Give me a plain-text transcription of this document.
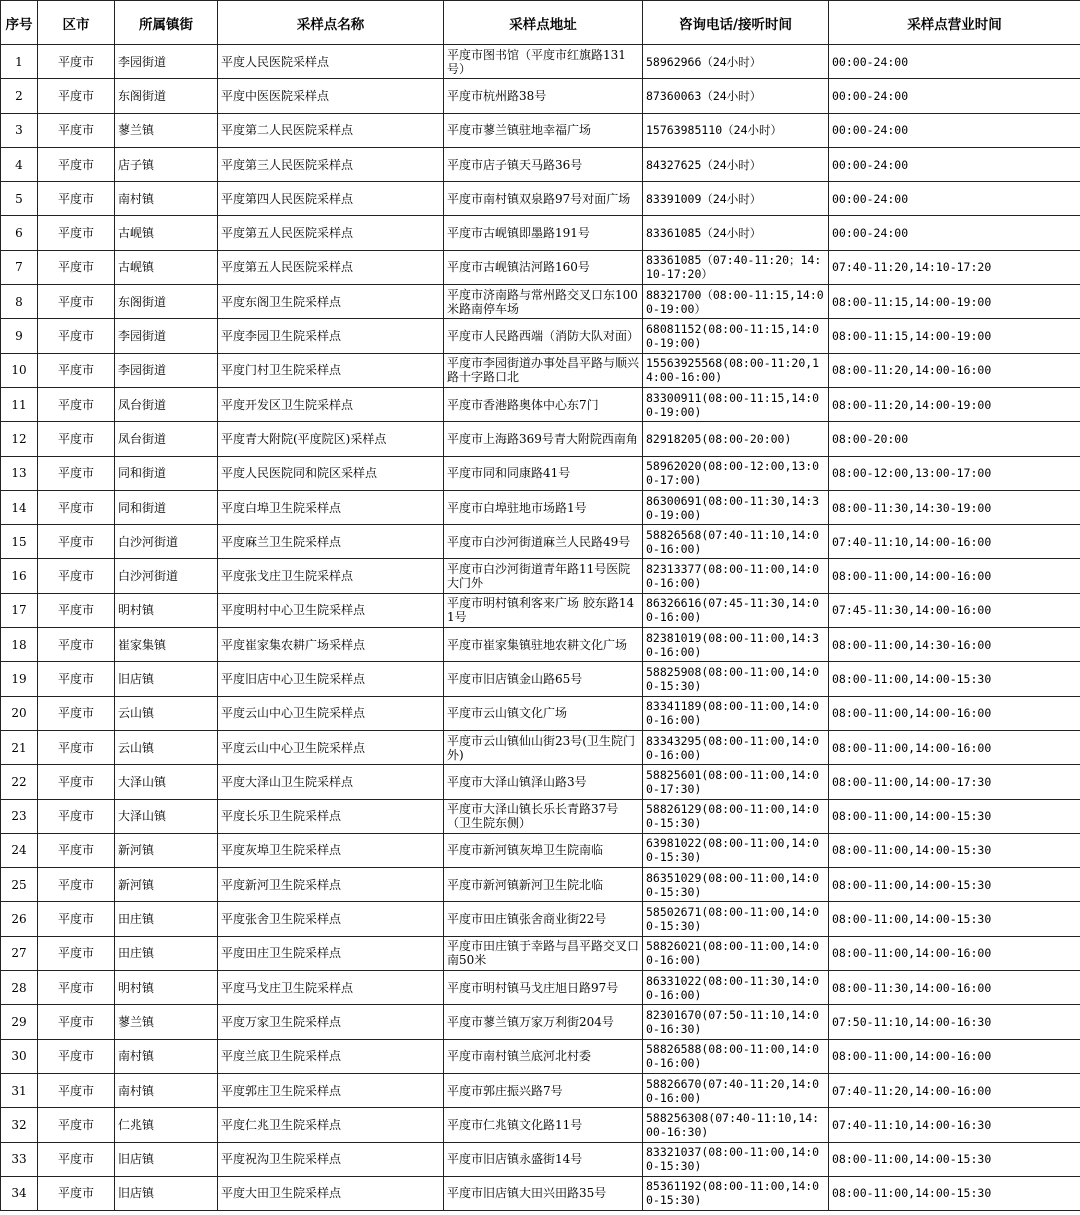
序号	区市	所属镇街	采样点名称	采样点地址	咨询电话/接听时间	采样点营业时间
1	平度市	李园街道	平度人民医院采样点	平度市图书馆（平度市红旗路131号）	58962966（24小时）	00:00-24:00
2	平度市	东阁街道	平度中医医院采样点	平度市杭州路38号	87360063（24小时）	00:00-24:00
3	平度市	蓼兰镇	平度第二人民医院采样点	平度市蓼兰镇驻地幸福广场	15763985110（24小时）	00:00-24:00
4	平度市	店子镇	平度第三人民医院采样点	平度市店子镇天马路36号	84327625（24小时）	00:00-24:00
5	平度市	南村镇	平度第四人民医院采样点	平度市南村镇双泉路97号对面广场	83391009（24小时）	00:00-24:00
6	平度市	古岘镇	平度第五人民医院采样点	平度市古岘镇即墨路191号	83361085（24小时）	00:00-24:00
7	平度市	古岘镇	平度第五人民医院采样点	平度市古岘镇沽河路160号	83361085（07:40-11:20；14:10-17:20）	07:40-11:20,14:10-17:20
8	平度市	东阁街道	平度东阁卫生院采样点	平度市济南路与常州路交叉口东100米路南停车场	88321700（08:00-11:15,14:00-19:00）	08:00-11:15,14:00-19:00
9	平度市	李园街道	平度李园卫生院采样点	平度市人民路西端（消防大队对面）	68081152(08:00-11:15,14:00-19:00)	08:00-11:15,14:00-19:00
10	平度市	李园街道	平度门村卫生院采样点	平度市李园街道办事处昌平路与顺兴路十字路口北	15563925568(08:00-11:20,14:00-16:00)	08:00-11:20,14:00-16:00
11	平度市	凤台街道	平度开发区卫生院采样点	平度市香港路奥体中心东7门	83300911(08:00-11:15,14:00-19:00)	08:00-11:20,14:00-19:00
12	平度市	凤台街道	平度青大附院(平度院区)采样点	平度市上海路369号青大附院西南角	82918205(08:00-20:00)	08:00-20:00
13	平度市	同和街道	平度人民医院同和院区采样点	平度市同和同康路41号	58962020(08:00-12:00,13:00-17:00)	08:00-12:00,13:00-17:00
14	平度市	同和街道	平度白埠卫生院采样点	平度市白埠驻地市场路1号	86300691(08:00-11:30,14:30-19:00)	08:00-11:30,14:30-19:00
15	平度市	白沙河街道	平度麻兰卫生院采样点	平度市白沙河街道麻兰人民路49号	58826568(07:40-11:10,14:00-16:00)	07:40-11:10,14:00-16:00
16	平度市	白沙河街道	平度张戈庄卫生院采样点	平度市白沙河街道青年路11号医院大门外	82313377(08:00-11:00,14:00-16:00)	08:00-11:00,14:00-16:00
17	平度市	明村镇	平度明村中心卫生院采样点	平度市明村镇利客来广场 胶东路141号	86326616(07:45-11:30,14:00-16:00)	07:45-11:30,14:00-16:00
18	平度市	崔家集镇	平度崔家集农耕广场采样点	平度市崔家集镇驻地农耕文化广场	82381019(08:00-11:00,14:30-16:00)	08:00-11:00,14:30-16:00
19	平度市	旧店镇	平度旧店中心卫生院采样点	平度市旧店镇金山路65号	58825908(08:00-11:00,14:00-15:30)	08:00-11:00,14:00-15:30
20	平度市	云山镇	平度云山中心卫生院采样点	平度市云山镇文化广场	83341189(08:00-11:00,14:00-16:00)	08:00-11:00,14:00-16:00
21	平度市	云山镇	平度云山中心卫生院采样点	平度市云山镇仙山街23号(卫生院门外)	83343295(08:00-11:00,14:00-16:00)	08:00-11:00,14:00-16:00
22	平度市	大泽山镇	平度大泽山卫生院采样点	平度市大泽山镇泽山路3号	58825601(08:00-11:00,14:00-17:30)	08:00-11:00,14:00-17:30
23	平度市	大泽山镇	平度长乐卫生院采样点	平度市大泽山镇长乐长青路37号（卫生院东侧）	58826129(08:00-11:00,14:00-15:30)	08:00-11:00,14:00-15:30
24	平度市	新河镇	平度灰埠卫生院采样点	平度市新河镇灰埠卫生院南临	63981022(08:00-11:00,14:00-15:30)	08:00-11:00,14:00-15:30
25	平度市	新河镇	平度新河卫生院采样点	平度市新河镇新河卫生院北临	86351029(08:00-11:00,14:00-15:30)	08:00-11:00,14:00-15:30
26	平度市	田庄镇	平度张舍卫生院采样点	平度市田庄镇张舍商业街22号	58502671(08:00-11:00,14:00-15:30)	08:00-11:00,14:00-15:30
27	平度市	田庄镇	平度田庄卫生院采样点	平度市田庄镇于幸路与昌平路交叉口南50米	58826021(08:00-11:00,14:00-16:00)	08:00-11:00,14:00-16:00
28	平度市	明村镇	平度马戈庄卫生院采样点	平度市明村镇马戈庄旭日路97号	86331022(08:00-11:30,14:00-16:00)	08:00-11:30,14:00-16:00
29	平度市	蓼兰镇	平度万家卫生院采样点	平度市蓼兰镇万家万利街204号	82301670(07:50-11:10,14:00-16:30)	07:50-11:10,14:00-16:30
30	平度市	南村镇	平度兰底卫生院采样点	平度市南村镇兰底河北村委	58826588(08:00-11:00,14:00-16:00)	08:00-11:00,14:00-16:00
31	平度市	南村镇	平度郭庄卫生院采样点	平度市郭庄振兴路7号	58826670(07:40-11:20,14:00-16:00)	07:40-11:20,14:00-16:00
32	平度市	仁兆镇	平度仁兆卫生院采样点	平度市仁兆镇文化路11号	588256308(07:40-11:10,14:00-16:30)	07:40-11:10,14:00-16:30
33	平度市	旧店镇	平度祝沟卫生院采样点	平度市旧店镇永盛街14号	83321037(08:00-11:00,14:00-15:30)	08:00-11:00,14:00-15:30
34	平度市	旧店镇	平度大田卫生院采样点	平度市旧店镇大田兴田路35号	85361192(08:00-11:00,14:00-15:30)	08:00-11:00,14:00-15:30
